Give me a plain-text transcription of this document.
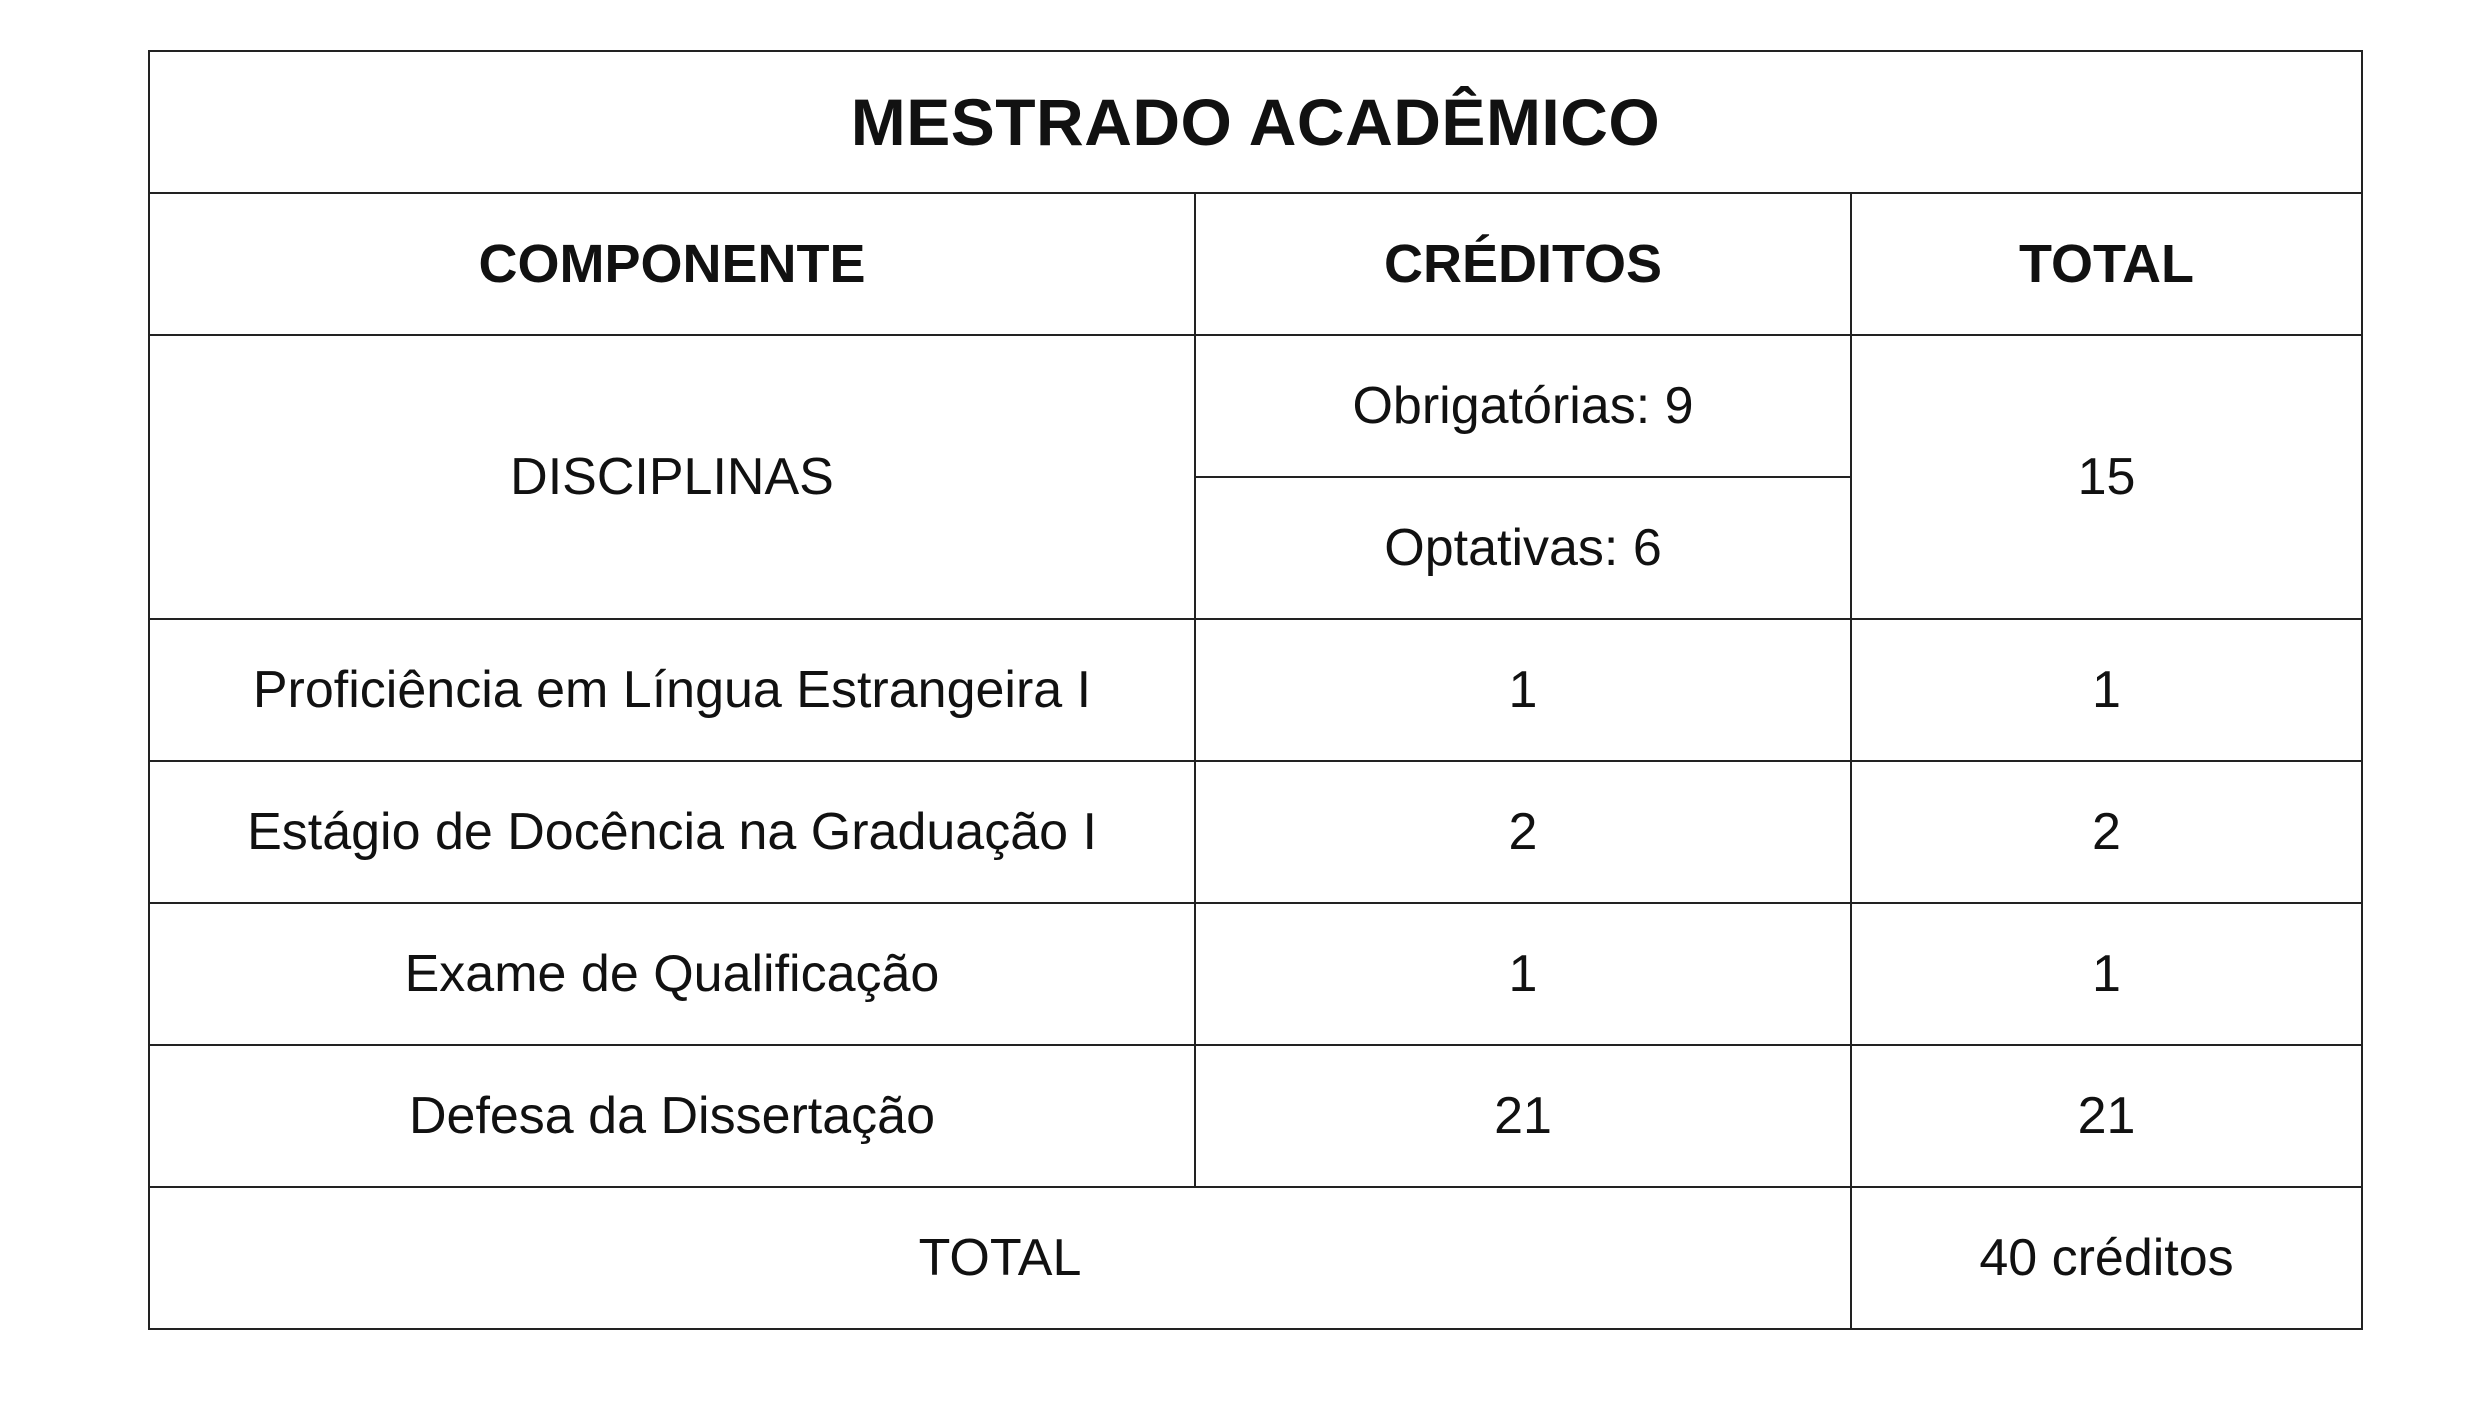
MESTRADO ACADÊMICO		
COMPONENTE	CRÉDITOS	TOTAL
DISCIPLINAS	Obrigatórias: 9	15
	Optativas: 6	
Proficiência em Língua Estrangeira I	1	1
Estágio de Docência na Graduação I	2	2
Exame de Qualificação	1	1
Defesa da Dissertação	21	21
TOTAL		40 créditos
